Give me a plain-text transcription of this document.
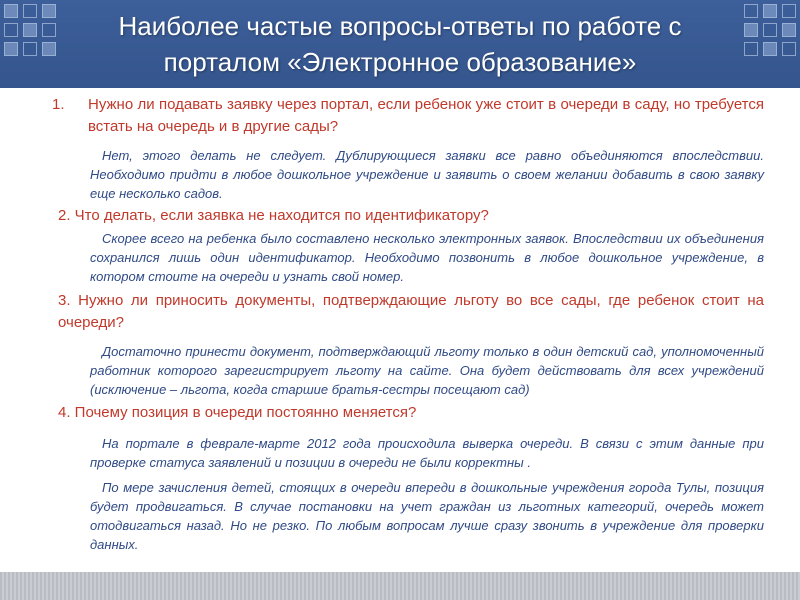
Наиболее частые вопросы-ответы по работе с
порталом «Электронное образование»
1. Нужно ли подавать заявку через портал, если ребенок уже стоит в очереди в саду, но требуется встать на очередь и в другие сады?
Нет, этого делать не следует. Дублирующиеся заявки все равно объединяются впоследствии. Необходимо придти в любое дошкольное учреждение и заявить о своем желании добавить в свою заявку еще несколько садов.
2. Что делать, если заявка не находится по идентификатору?
Скорее всего на ребенка было составлено несколько электронных заявок. Впоследствии их объединения сохранился лишь один идентификатор. Необходимо позвонить в любое дошкольное учреждение, в котором стоите на очереди и узнать свой номер.
3. Нужно ли приносить документы, подтверждающие льготу во все сады, где ребенок стоит на очереди?
Достаточно принести документ, подтверждающий льготу только в один детский сад, уполномоченный работник которого зарегистрирует льготу на сайте. Она будет действовать для всех учреждений (исключение – льгота, когда старшие братья-сестры посещают сад)
4. Почему позиция в очереди постоянно меняется?
На портале в феврале-марте 2012 года происходила выверка очереди. В связи с этим данные при проверке статуса заявлений и позиции в очереди не были корректны .
По мере зачисления детей, стоящих в очереди впереди в дошкольные учреждения города Тулы, позиция будет продвигаться. В случае постановки на учет граждан из льготных категорий, очередь может отодвигаться назад. Но не резко. По любым вопросам лучше сразу звонить в учреждение для проверки данных.
